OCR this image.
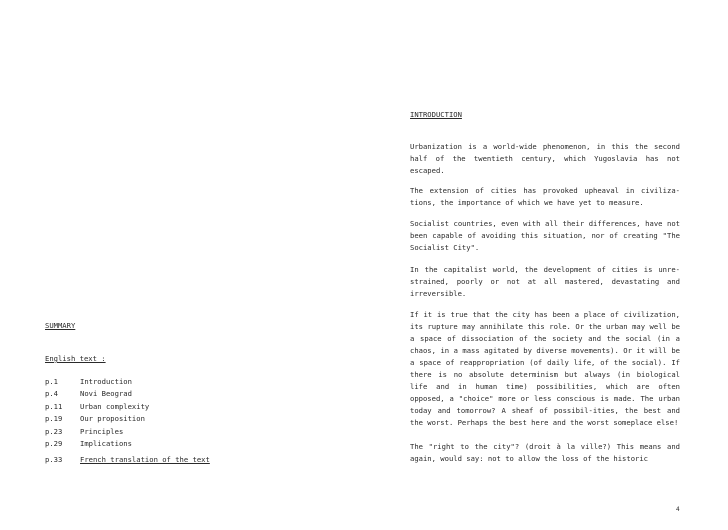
SUMMARY
English text :
p.1	Introduction
p.4	Novi Beograd
p.11 Urban complexity
p.19 Our proposition
p.23 Principles
p.29 Implications
p.33 French translation of the text
INTRODUCTION

Urbanization is a world-wide phenomenon, in this the second half of the twentieth century, which Yugoslavia has not escaped.

The extension of cities has provoked upheaval in civiliza-tions, the importance of which we have yet to measure.

Socialist countries, even with all their differences, have not been capable of avoiding this situation, nor of creating "The Socialist City".

In the capitalist world, the development of cities is unre-strained, poorly or not at all mastered, devastating and irreversible.

If it is true that the city has been a place of civilization, its rupture may annihilate this role. Or the urban may well be a space of dissociation of the society and the social (in a chaos, in a mass agitated by diverse movements). Or it will be a space of reappropriation (of daily life, of the social). If there is no absolute determinism but always (in biological life and in human time) possibilities, which are often opposed, a "choice" more or less conscious is made. The urban today and tomorrow? A sheaf of possibil-ities, the best and the worst. Perhaps the best here and the worst someplace else!

The "right to the city"? (droit à la ville?) This means and again, would say: not to allow the loss of the historic

4
